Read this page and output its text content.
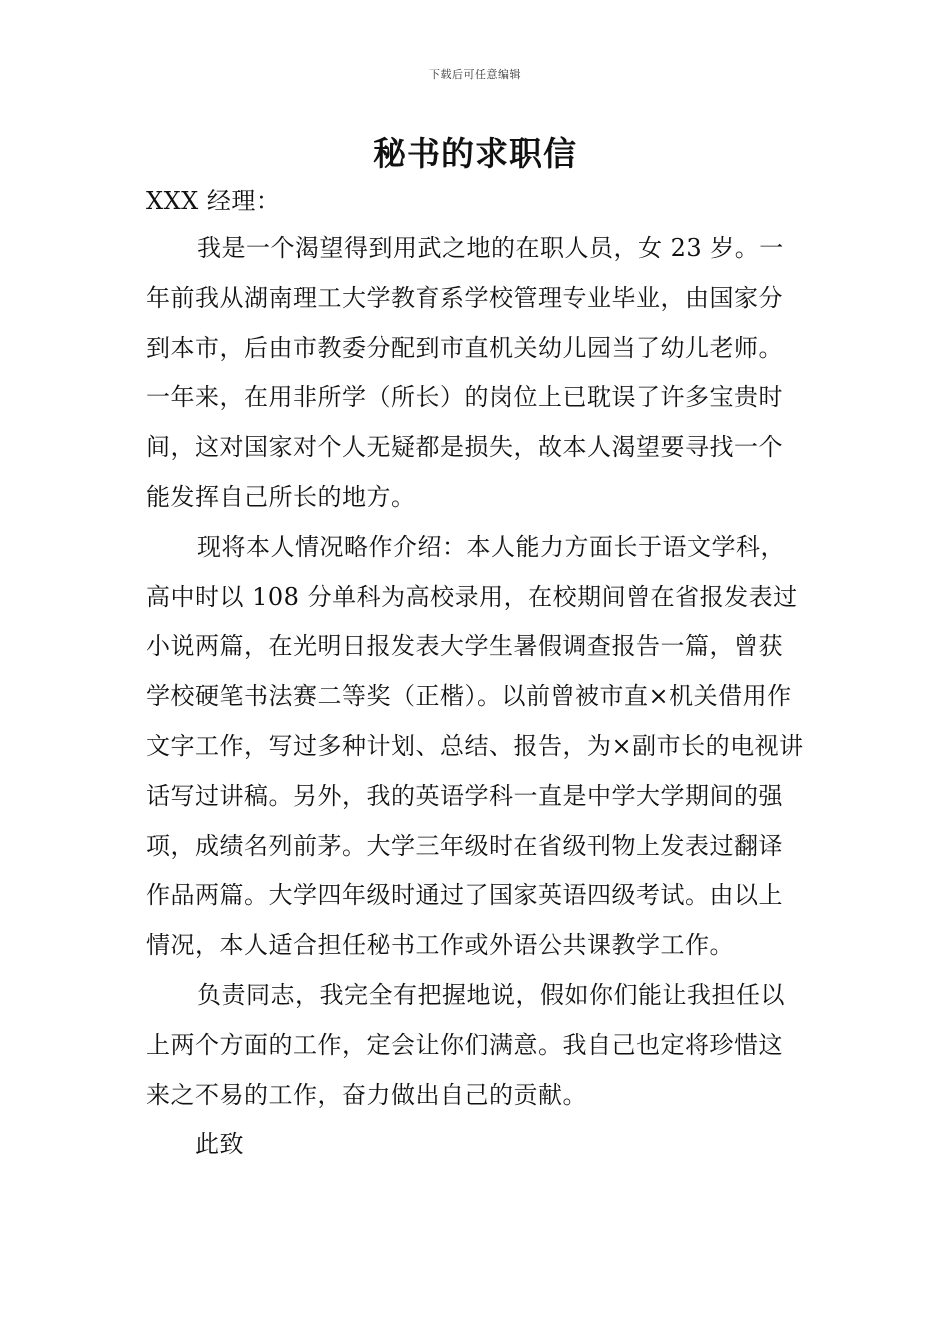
下载后可任意编辑
秘书的求职信

XXX 经理：

我是一个渴望得到用武之地的在职人员，女 23 岁。一年前我从湖南理工大学教育系学校管理专业毕业，由国家分到本市，后由市教委分配到市直机关幼儿园当了幼儿老师。一年来，在用非所学（所长）的岗位上已耽误了许多宝贵时间，这对国家对个人无疑都是损失，故本人渴望要寻找一个能发挥自己所长的地方。

现将本人情况略作介绍：本人能力方面长于语文学科，高中时以 108 分单科为高校录用，在校期间曾在省报发表过小说两篇，在光明日报发表大学生暑假调查报告一篇，曾获学校硬笔书法赛二等奖（正楷）。以前曾被市直×机关借用作文字工作，写过多种计划、总结、报告，为×副市长的电视讲话写过讲稿。另外，我的英语学科一直是中学大学期间的强项，成绩名列前茅。大学三年级时在省级刊物上发表过翻译作品两篇。大学四年级时通过了国家英语四级考试。由以上情况，本人适合担任秘书工作或外语公共课教学工作。

负责同志，我完全有把握地说，假如你们能让我担任以上两个方面的工作，定会让你们满意。我自己也定将珍惜这来之不易的工作，奋力做出自己的贡献。

此致
